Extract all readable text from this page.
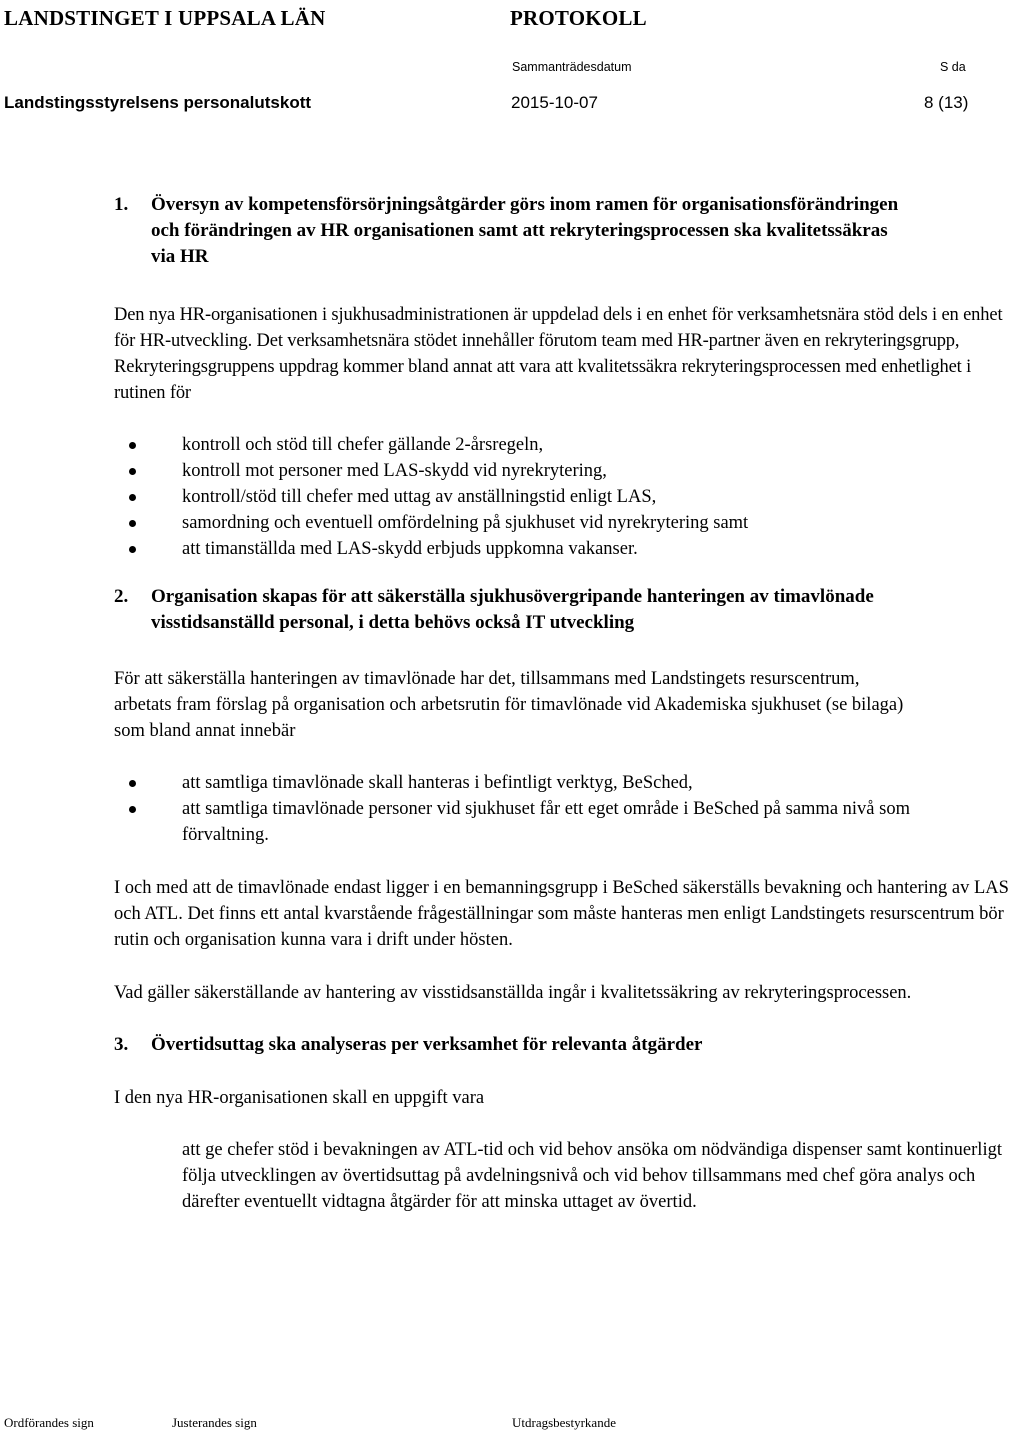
LANDSTINGET I UPPSALA LÄN	PROTOKOLL
Sammanträdesdatum	S da
Landstingsstyrelsens personalutskott	2015-10-07	8 (13)
1.	Översyn av kompetensförsörjningsåtgärder görs inom ramen för organisationsförändringen och förändringen av HR organisationen samt att rekryteringsprocessen ska kvalitetssäkras via HR

Den nya HR-organisationen i sjukhusadministrationen är uppdelad dels i en enhet för verksamhetsnära stöd dels i en enhet för HR-utveckling. Det verksamhetsnära stödet innehåller förutom team med HR-partner även en rekryteringsgrupp, Rekryteringsgruppens uppdrag kommer bland annat att vara att kvalitetssäkra rekryteringsprocessen med enhetlighet i rutinen för

kontroll och stöd till chefer gällande 2-årsregeln,
kontroll mot personer med LAS-skydd vid nyrekrytering,
kontroll/stöd till chefer med uttag av anställningstid enligt LAS,
samordning och eventuell omfördelning på sjukhuset vid nyrekrytering samt
att timanställda med LAS-skydd erbjuds uppkomna vakanser.
2.	Organisation skapas för att säkerställa sjukhusövergripande hanteringen av timavlönade visstidsanställd personal, i detta behövs också IT utveckling

För att säkerställa hanteringen av timavlönade har det, tillsammans med Landstingets resurscentrum, arbetats fram förslag på organisation och arbetsrutin för timavlönade vid Akademiska sjukhuset (se bilaga) som bland annat innebär

att samtliga timavlönade skall hanteras i befintligt verktyg, BeSched,
att samtliga timavlönade personer vid sjukhuset får ett eget område i BeSched på samma nivå som förvaltning.

I och med att de timavlönade endast ligger i en bemanningsgrupp i BeSched säkerställs bevakning och hantering av LAS och ATL. Det finns ett antal kvarstående frågeställningar som måste hanteras men enligt Landstingets resurscentrum bör rutin och organisation kunna vara i drift under hösten.

Vad gäller säkerställande av hantering av visstidsanställda ingår i kvalitetssäkring av rekryteringsprocessen.

3.	Övertidsuttag ska analyseras per verksamhet för relevanta åtgärder

I den nya HR-organisationen skall en uppgift vara

att ge chefer stöd i bevakningen av ATL-tid och vid behov ansöka om nödvändiga dispenser samt kontinuerligt följa utvecklingen av övertidsuttag på avdelningsnivå och vid behov tillsammans med chef göra analys och därefter eventuellt vidtagna åtgärder för att minska uttaget av övertid.

Ordförandes sign	Justerandes sign	Utdragsbestyrkande
